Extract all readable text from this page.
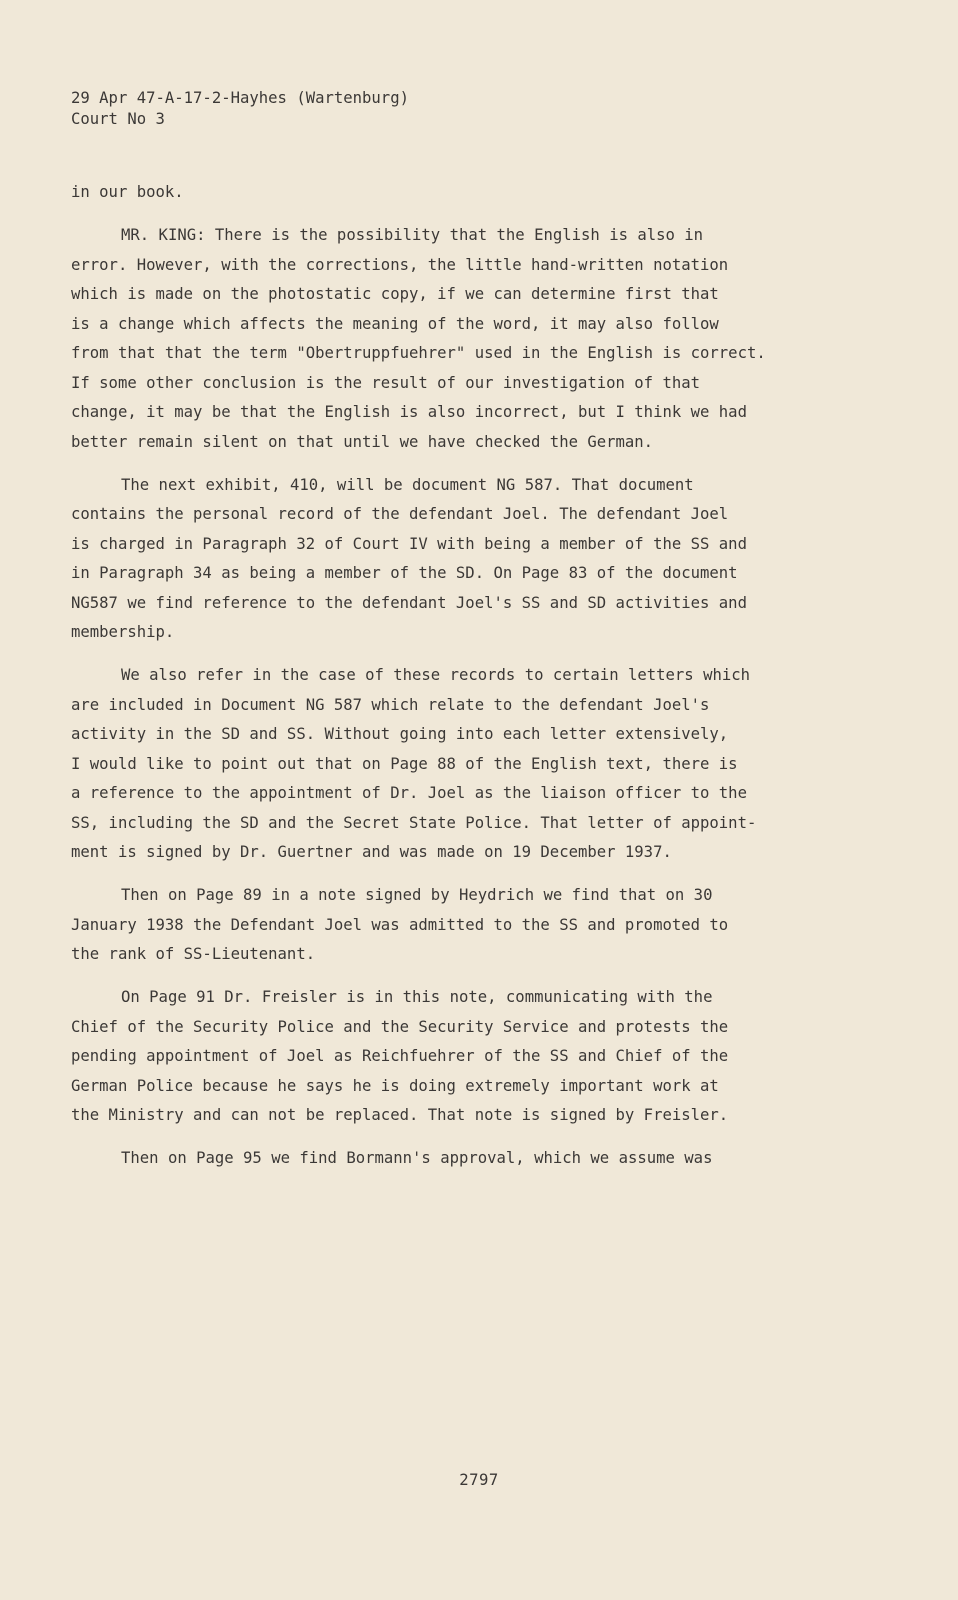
29 Apr 47-A-17-2-Hayhes (Wartenburg)
Court No 3
in our book.
MR. KING: There is the possibility that the English is also in
error. However, with the corrections, the little hand-written notation
which is made on the photostatic copy, if we can determine first that
is a change which affects the meaning of the word, it may also follow
from that that the term "Obertruppfuehrer" used in the English is correct.
If some other conclusion is the result of our investigation of that
change, it may be that the English is also incorrect, but I think we had
better remain silent on that until we have checked the German.
The next exhibit, 410, will be document NG 587. That document
contains the personal record of the defendant Joel. The defendant Joel
is charged in Paragraph 32 of Court IV with being a member of the SS and
in Paragraph 34 as being a member of the SD. On Page 83 of the document
NG587 we find reference to the defendant Joel's SS and SD activities and
membership.
We also refer in the case of these records to certain letters which
are included in Document NG 587 which relate to the defendant Joel's
activity in the SD and SS. Without going into each letter extensively,
I would like to point out that on Page 88 of the English text, there is
a reference to the appointment of Dr. Joel as the liaison officer to the
SS, including the SD and the Secret State Police. That letter of appoint-
ment is signed by Dr. Guertner and was made on 19 December 1937.
Then on Page 89 in a note signed by Heydrich we find that on 30
January 1938 the Defendant Joel was admitted to the SS and promoted to
the rank of SS-Lieutenant.
On Page 91 Dr. Freisler is in this note, communicating with the
Chief of the Security Police and the Security Service and protests the
pending appointment of Joel as Reichfuehrer of the SS and Chief of the
German Police because he says he is doing extremely important work at
the Ministry and can not be replaced. That note is signed by Freisler.
Then on Page 95 we find Bormann's approval, which we assume was
2797
